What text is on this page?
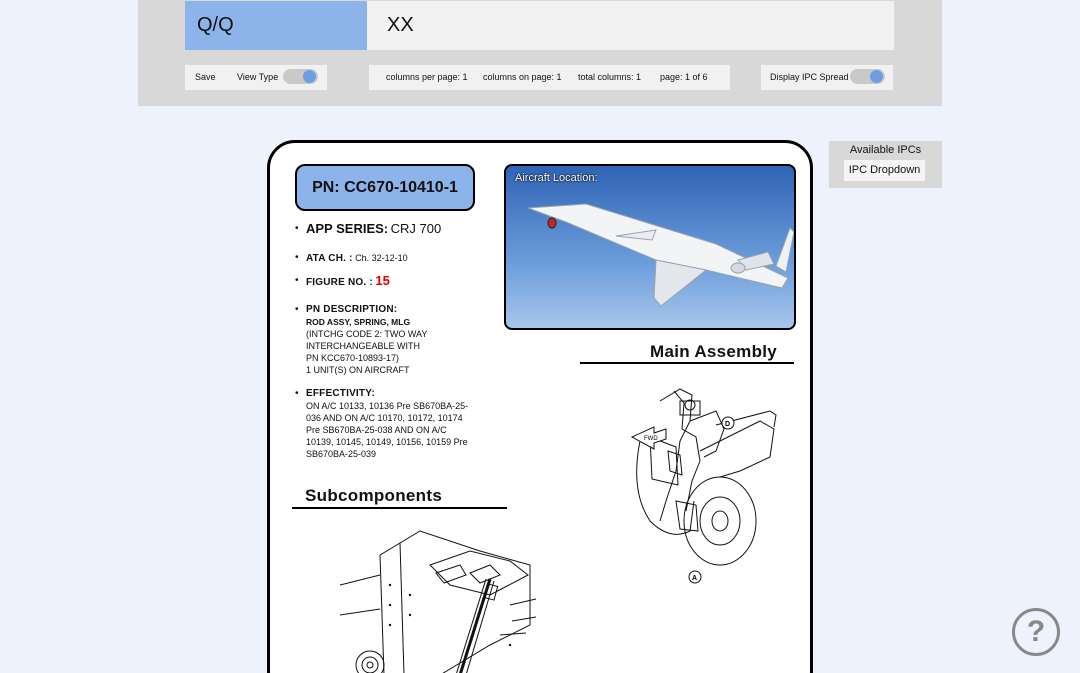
Q/Q	XX
Save View Type	columns per page: 1 columns on page: 1 total columns: 1 page: 1 of 6	Display IPC Spread
Available IPCs
IPC Dropdown
PN: CC670-10410-1
• APP SERIES: CRJ 700
• ATA CH. : Ch. 32-12-10
• FIGURE NO. : 15
• PN DESCRIPTION:
ROD ASSY, SPRING, MLG
(INTCHG CODE 2: TWO WAY
INTERCHANGEABLE WITH
PN KCC670-10893-17)
1 UNIT(S) ON AIRCRAFT
• EFFECTIVITY:
ON A/C 10133, 10136 Pre SB670BA-25-
036 AND ON A/C 10170, 10172, 10174
Pre SB670BA-25-038 AND ON A/C
10139, 10145, 10149, 10156, 10159 Pre
SB670BA-25-039
Aircraft Location:
Main Assembly
FWD
D
A
Subcomponents
?
